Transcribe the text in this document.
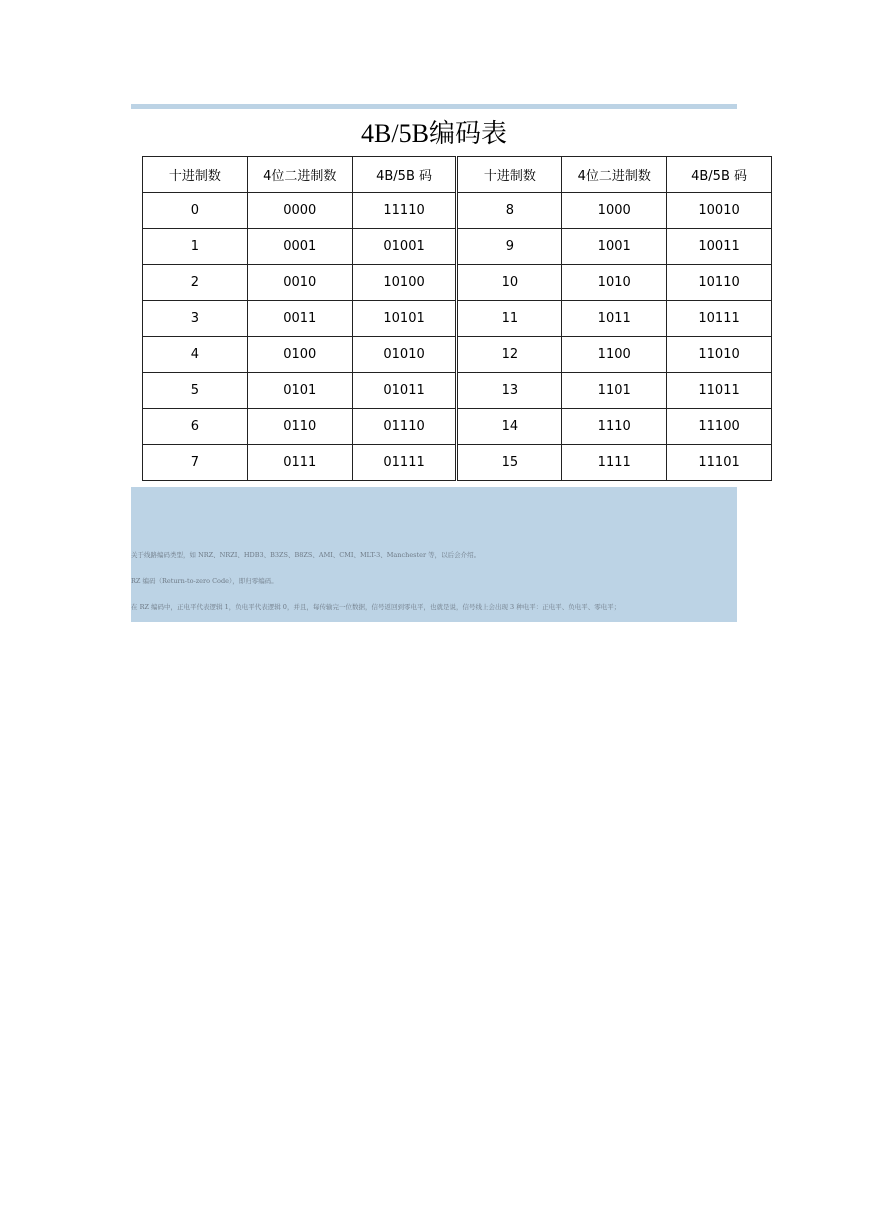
4B/5B编码表
十进制数	4位二进制数	4B/5B 码	十进制数	4位二进制数	4B/5B 码
0	0000	11110	8	1000	10010
1	0001	01001	9	1001	10011
2	0010	10100	10	1010	10110
3	0011	10101	11	1011	10111
4	0100	01010	12	1100	11010
5	0101	01011	13	1101	11011
6	0110	01110	14	1110	11100
7	0111	01111	15	1111	11101
关于线路编码类型，如 NRZ、NRZI、HDB3、B3ZS、B8ZS、AMI、CMI、MLT-3、Manchester 等，以后会介绍。
RZ 编码（Return-to-zero Code），即归零编码。
在 RZ 编码中，正电平代表逻辑 1，负电平代表逻辑 0，并且，每传输完一位数据，信号返回到零电平，也就是说，信号线上会出现 3 种电平：正电平、负电平、零电平；
